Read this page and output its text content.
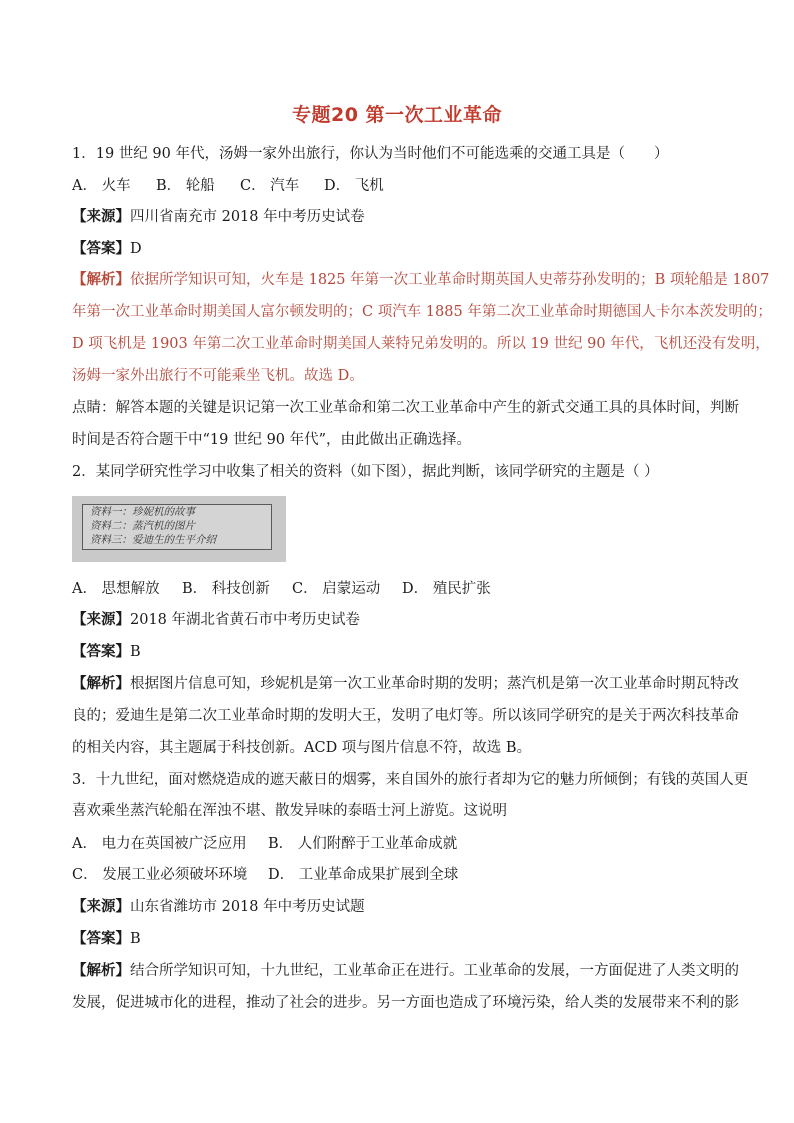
专题20 第一次工业革命
1．19 世纪 90 年代，汤姆一家外出旅行，你认为当时他们不可能选乘的交通工具是（　　）
A． 火车 B． 轮船 C． 汽车 D． 飞机
【来源】四川省南充市 2018 年中考历史试卷
【答案】D
【解析】依据所学知识可知，火车是 1825 年第一次工业革命时期英国人史蒂芬孙发明的；B 项轮船是 1807
年第一次工业革命时期美国人富尔顿发明的；C 项汽车 1885 年第二次工业革命时期德国人卡尔本茨发明的；
D 项飞机是 1903 年第二次工业革命时期美国人莱特兄弟发明的。所以 19 世纪 90 年代，飞机还没有发明，
汤姆一家外出旅行不可能乘坐飞机。故选 D。
点睛：解答本题的关键是识记第一次工业革命和第二次工业革命中产生的新式交通工具的具体时间，判断
时间是否符合题干中“19 世纪 90 年代”，由此做出正确选择。
2．某同学研究性学习中收集了相关的资料（如下图），据此判断，该同学研究的主题是（ ）
资料一：珍妮机的故事
资料二：蒸汽机的图片
资料三：爱迪生的生平介绍
A． 思想解放 B． 科技创新 C． 启蒙运动 D． 殖民扩张
【来源】2018 年湖北省黄石市中考历史试卷
【答案】B
【解析】根据图片信息可知，珍妮机是第一次工业革命时期的发明；蒸汽机是第一次工业革命时期瓦特改
良的；爱迪生是第二次工业革命时期的发明大王，发明了电灯等。所以该同学研究的是关于两次科技革命
的相关内容，其主题属于科技创新。ACD 项与图片信息不符，故选 B。
3．十九世纪，面对燃烧造成的遮天蔽日的烟雾，来自国外的旅行者却为它的魅力所倾倒；有钱的英国人更
喜欢乘坐蒸汽轮船在浑浊不堪、散发异味的泰晤士河上游览。这说明
A． 电力在英国被广泛应用 B． 人们附醉于工业革命成就
C． 发展工业必须破坏环境 D． 工业革命成果扩展到全球
【来源】山东省潍坊市 2018 年中考历史试题
【答案】B
【解析】结合所学知识可知，十九世纪，工业革命正在进行。工业革命的发展，一方面促进了人类文明的
发展，促进城市化的进程，推动了社会的进步。另一方面也造成了环境污染，给人类的发展带来不利的影
